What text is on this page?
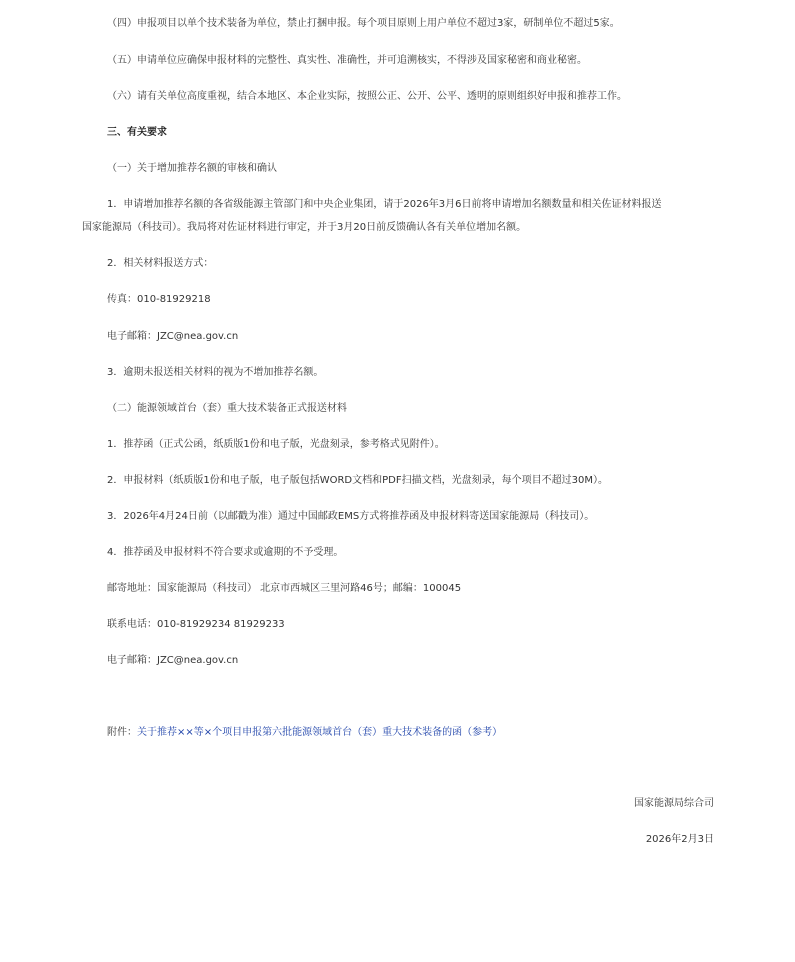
（四）申报项目以单个技术装备为单位，禁止打捆申报。每个项目原则上用户单位不超过3家，研制单位不超过5家。

（五）申请单位应确保申报材料的完整性、真实性、准确性，并可追溯核实，不得涉及国家秘密和商业秘密。

（六）请有关单位高度重视，结合本地区、本企业实际，按照公正、公开、公平、透明的原则组织好申报和推荐工作。

三、有关要求

（一）关于增加推荐名额的审核和确认

1．申请增加推荐名额的各省级能源主管部门和中央企业集团，请于2026年3月6日前将申请增加名额数量和相关佐证材料报送

国家能源局（科技司）。我局将对佐证材料进行审定，并于3月20日前反馈确认各有关单位增加名额。

2．相关材料报送方式：

传真：010-81929218

电子邮箱：JZC@nea.gov.cn

3．逾期未报送相关材料的视为不增加推荐名额。

（二）能源领域首台（套）重大技术装备正式报送材料

1．推荐函（正式公函，纸质版1份和电子版，光盘刻录，参考格式见附件）。

2．申报材料（纸质版1份和电子版，电子版包括WORD文档和PDF扫描文档，光盘刻录，每个项目不超过30M）。

3．2026年4月24日前（以邮戳为准）通过中国邮政EMS方式将推荐函及申报材料寄送国家能源局（科技司）。

4．推荐函及申报材料不符合要求或逾期的不予受理。

邮寄地址：国家能源局（科技司） 北京市西城区三里河路46号；邮编：100045

联系电话：010-81929234 81929233

电子邮箱：JZC@nea.gov.cn

附件：关于推荐××等×个项目申报第六批能源领域首台（套）重大技术装备的函（参考）

国家能源局综合司
2026年2月3日
